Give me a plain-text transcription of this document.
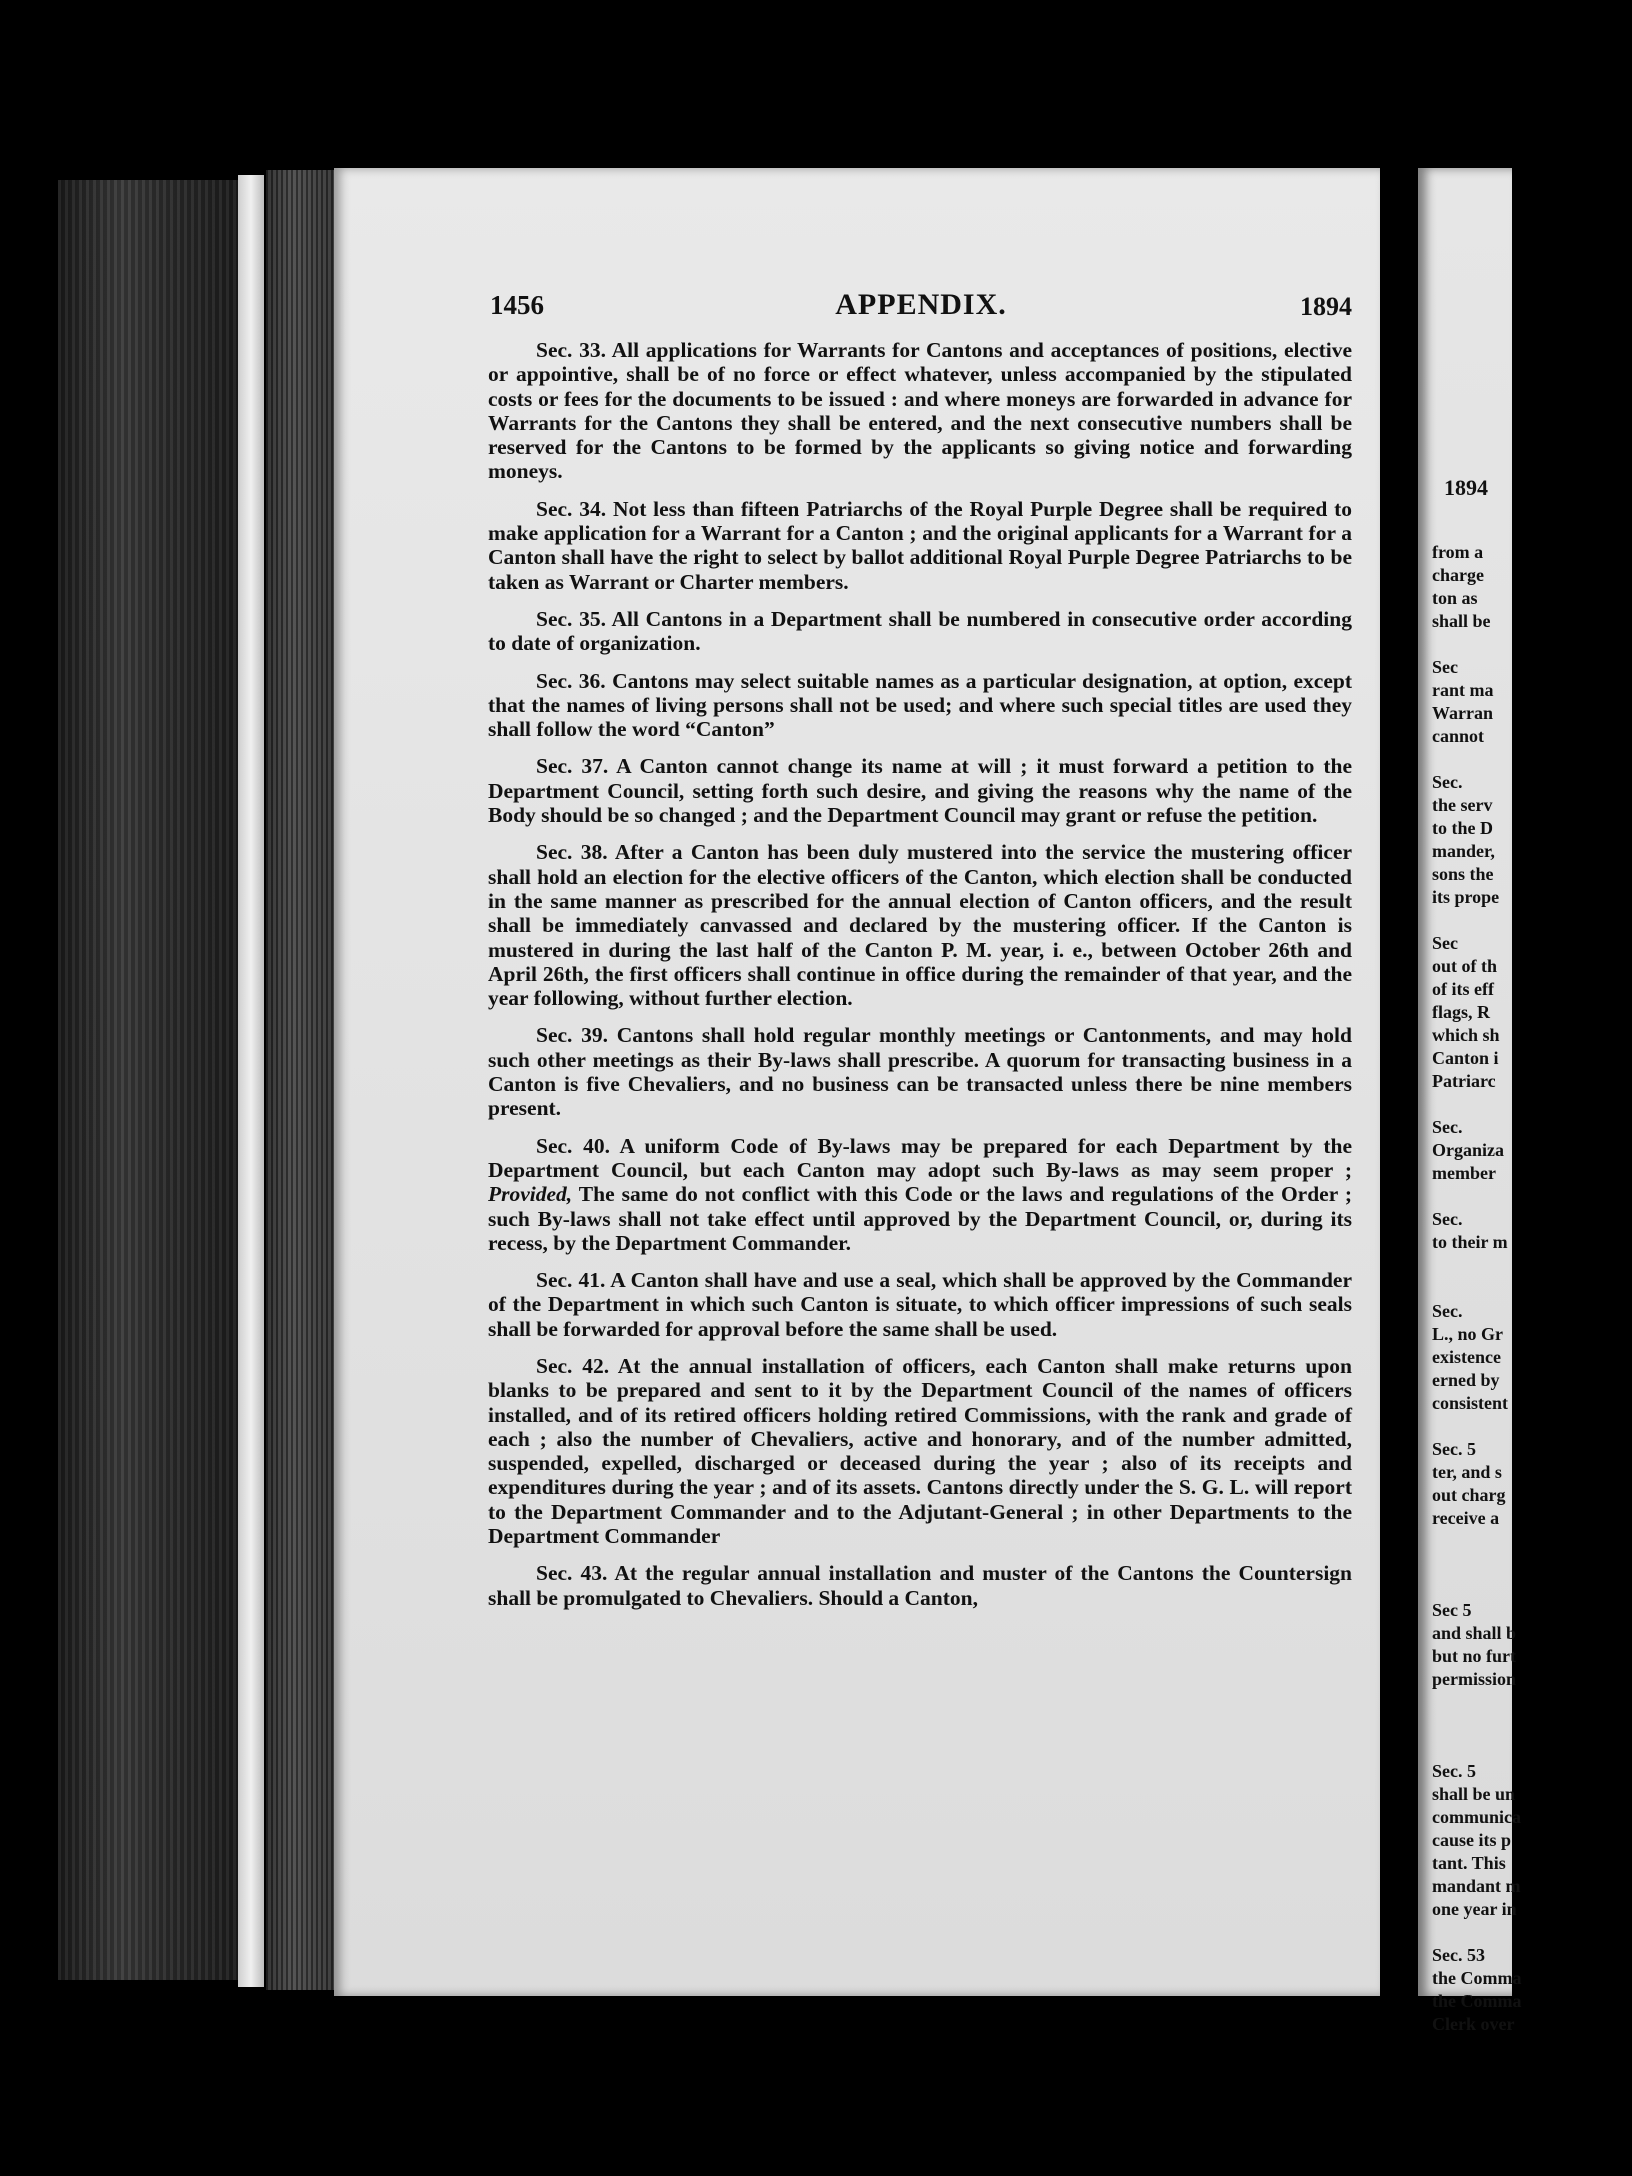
1456	APPENDIX.	1894

Sec. 33. All applications for Warrants for Cantons and acceptances of positions, elective or appointive, shall be of no force or effect whatever, unless accompanied by the stipulated costs or fees for the documents to be issued : and where moneys are forwarded in advance for Warrants for the Cantons they shall be entered, and the next consecutive numbers shall be reserved for the Cantons to be formed by the applicants so giving notice and forwarding moneys.

Sec. 34. Not less than fifteen Patriarchs of the Royal Purple Degree shall be required to make application for a Warrant for a Canton ; and the original applicants for a Warrant for a Canton shall have the right to select by ballot additional Royal Purple Degree Patriarchs to be taken as Warrant or Charter members.

Sec. 35. All Cantons in a Department shall be numbered in consecutive order according to date of organization.

Sec. 36. Cantons may select suitable names as a particular designation, at option, except that the names of living persons shall not be used; and where such special titles are used they shall follow the word “Canton”

Sec. 37. A Canton cannot change its name at will ; it must forward a petition to the Department Council, setting forth such desire, and giving the reasons why the name of the Body should be so changed ; and the Department Council may grant or refuse the petition.

Sec. 38. After a Canton has been duly mustered into the service the mustering officer shall hold an election for the elective officers of the Canton, which election shall be conducted in the same manner as prescribed for the annual election of Canton officers, and the result shall be immediately canvassed and declared by the mustering officer. If the Canton is mustered in during the last half of the Canton P. M. year, i. e., between October 26th and April 26th, the first officers shall continue in office during the remainder of that year, and the year following, without further election.

Sec. 39. Cantons shall hold regular monthly meetings or Cantonments, and may hold such other meetings as their By-laws shall prescribe. A quorum for transacting business in a Canton is five Chevaliers, and no business can be transacted unless there be nine members present.

Sec. 40. A uniform Code of By-laws may be prepared for each Department by the Department Council, but each Canton may adopt such By-laws as may seem proper ; Provided, The same do not conflict with this Code or the laws and regulations of the Order ; such By-laws shall not take effect until approved by the Department Council, or, during its recess, by the Department Commander.

Sec. 41. A Canton shall have and use a seal, which shall be approved by the Commander of the Department in which such Canton is situate, to which officer impressions of such seals shall be forwarded for approval before the same shall be used.

Sec. 42. At the annual installation of officers, each Canton shall make returns upon blanks to be prepared and sent to it by the Department Council of the names of officers installed, and of its retired officers holding retired Commissions, with the rank and grade of each ; also the number of Chevaliers, active and honorary, and of the number admitted, suspended, expelled, discharged or deceased during the year ; also of its receipts and expenditures during the year ; and of its assets. Cantons directly under the S. G. L. will report to the Department Commander and to the Adjutant-General ; in other Departments to the Department Commander

Sec. 43. At the regular annual installation and muster of the Cantons the Countersign shall be promulgated to Chevaliers. Should a Canton,

1894
from a
charge
ton as
shall be
Sec
rant ma
Warran
cannot
Sec.
the serv
to the D
mander,
sons the
its prope
Sec
out of th
of its eff
flags, R
which sh
Canton i
Patriarc
Sec.
Organiza
member
Sec.
to their m
Sec.
L., no Gr
existence
erned by
consistent
Sec. 5
ter, and s
out charg
receive a
Sec 5
and shall b
but no furt
permission
Sec. 5
shall be un
communica
cause its p
tant. This
mandant m
one year in
Sec. 53
the Comma
the Comma
Clerk over
